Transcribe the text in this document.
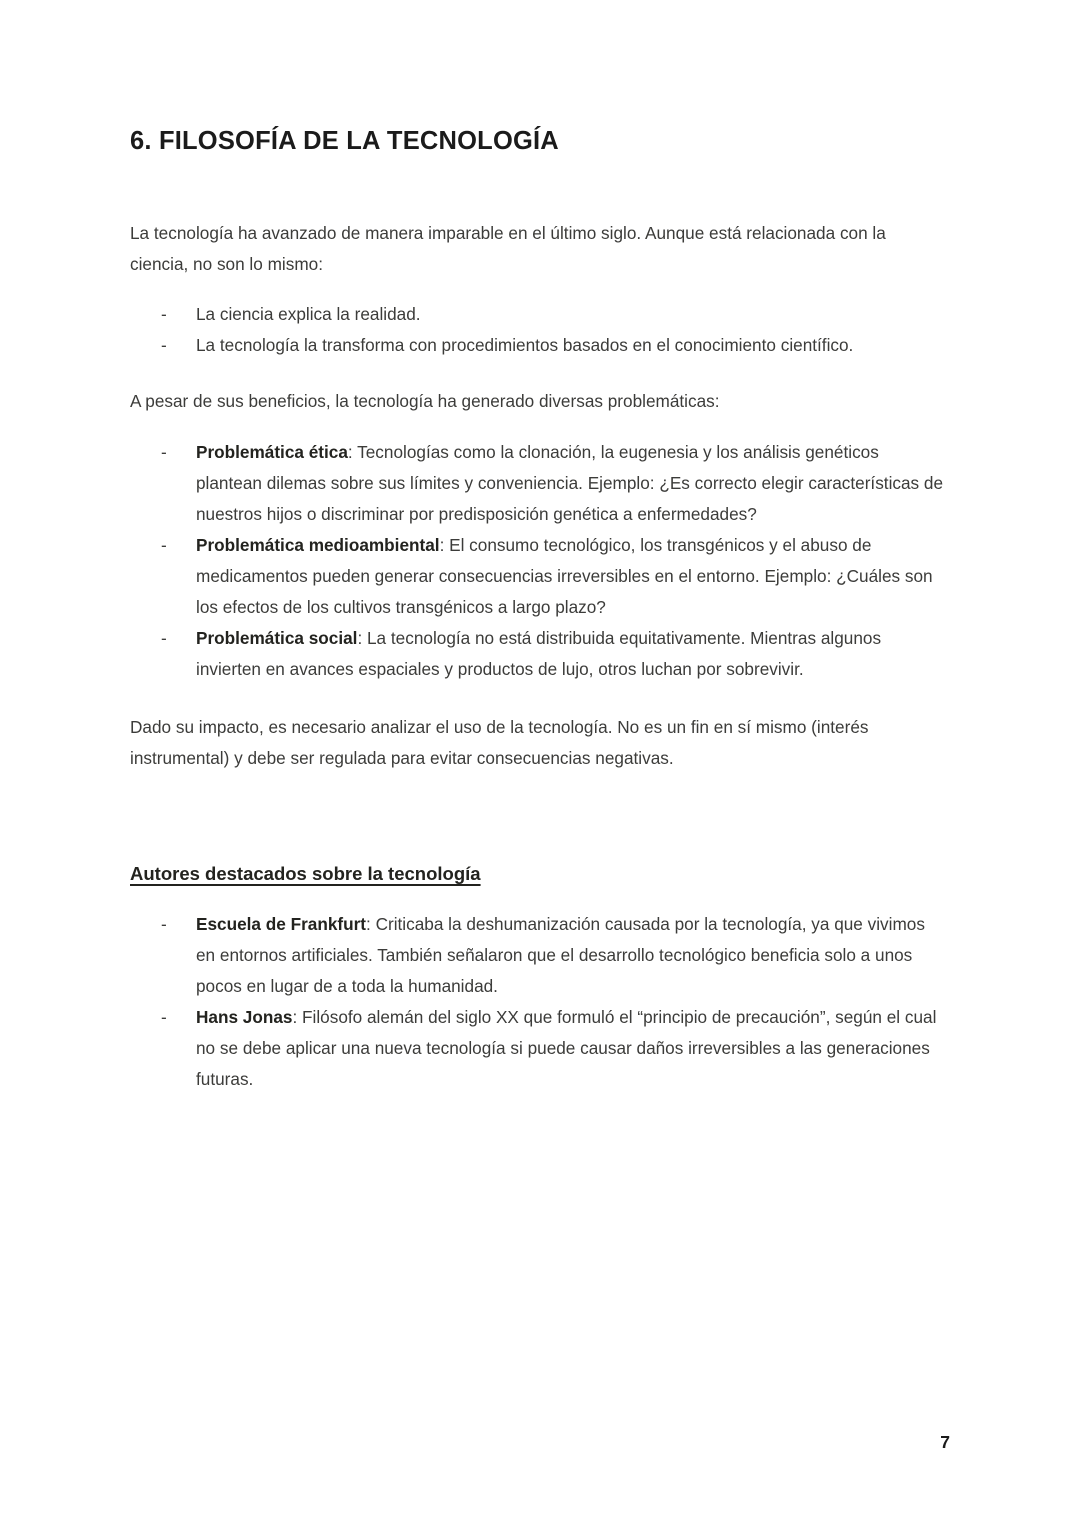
6. FILOSOFÍA DE LA TECNOLOGÍA

La tecnología ha avanzado de manera imparable en el último siglo. Aunque está relacionada con la ciencia, no son lo mismo:

- La ciencia explica la realidad.
- La tecnología la transforma con procedimientos basados en el conocimiento científico.

A pesar de sus beneficios, la tecnología ha generado diversas problemáticas:

- Problemática ética: Tecnologías como la clonación, la eugenesia y los análisis genéticos plantean dilemas sobre sus límites y conveniencia. Ejemplo: ¿Es correcto elegir características de nuestros hijos o discriminar por predisposición genética a enfermedades?
- Problemática medioambiental: El consumo tecnológico, los transgénicos y el abuso de medicamentos pueden generar consecuencias irreversibles en el entorno. Ejemplo: ¿Cuáles son los efectos de los cultivos transgénicos a largo plazo?
- Problemática social: La tecnología no está distribuida equitativamente. Mientras algunos invierten en avances espaciales y productos de lujo, otros luchan por sobrevivir.

Dado su impacto, es necesario analizar el uso de la tecnología. No es un fin en sí mismo (interés instrumental) y debe ser regulada para evitar consecuencias negativas.

Autores destacados sobre la tecnología
- Escuela de Frankfurt: Criticaba la deshumanización causada por la tecnología, ya que vivimos en entornos artificiales. También señalaron que el desarrollo tecnológico beneficia solo a unos pocos en lugar de a toda la humanidad.
- Hans Jonas: Filósofo alemán del siglo XX que formuló el “principio de precaución”, según el cual no se debe aplicar una nueva tecnología si puede causar daños irreversibles a las generaciones futuras.
7
